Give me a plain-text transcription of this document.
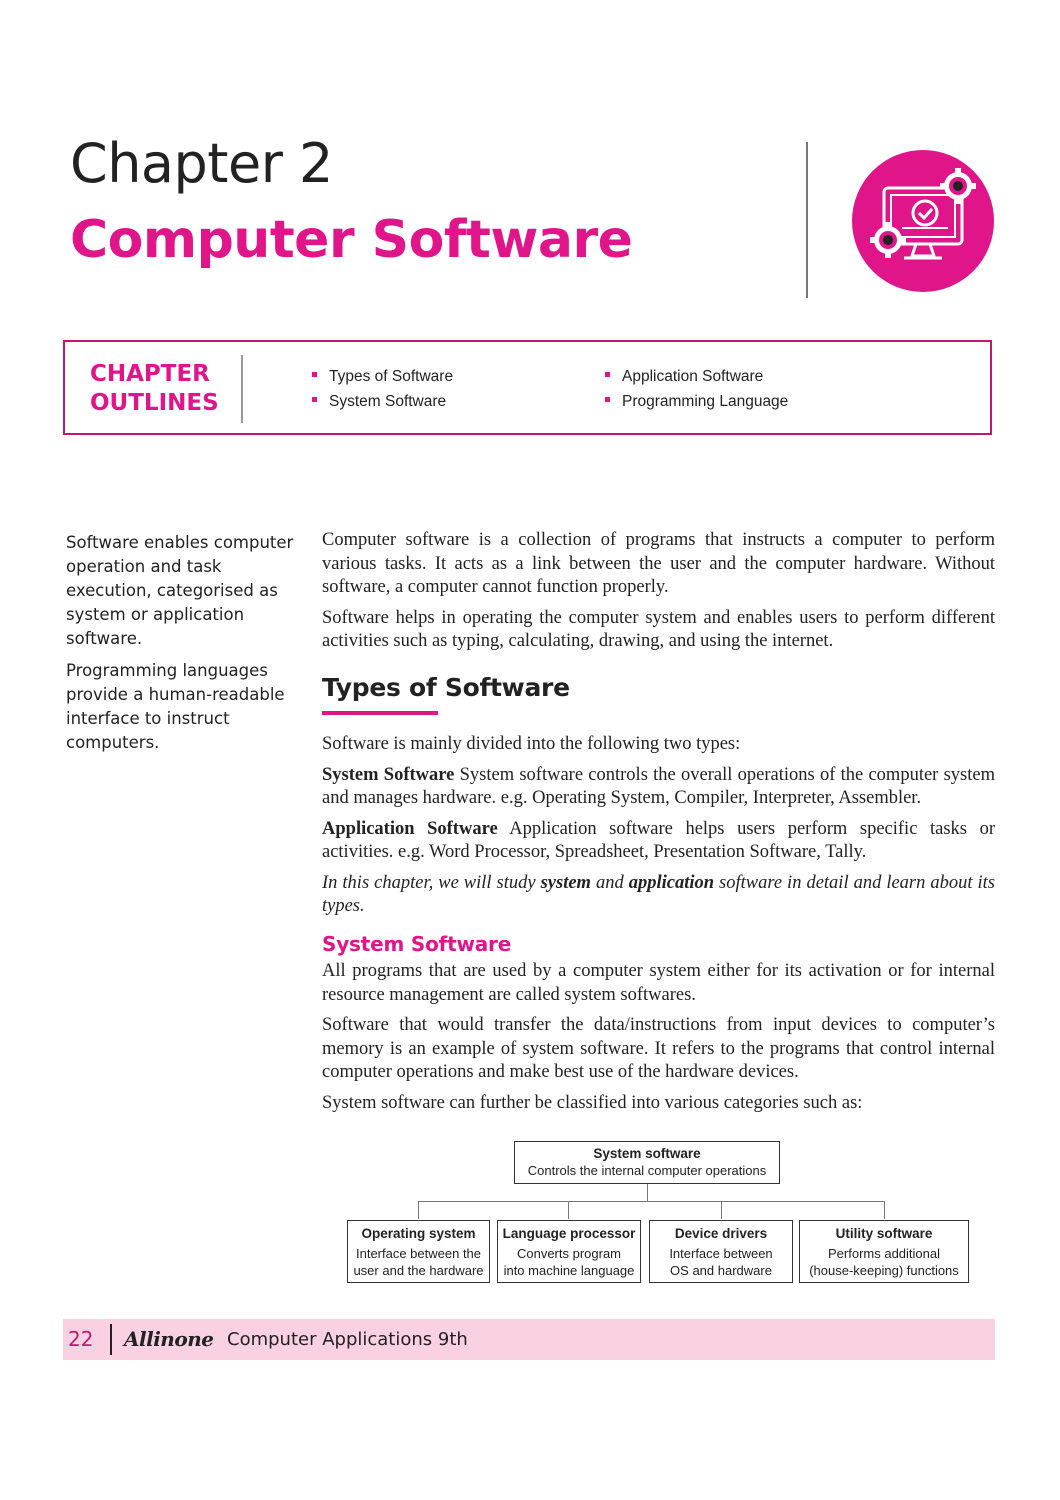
Chapter 2
Computer Software
CHAPTER
OUTLINES
Types of Software
System Software
Application Software
Programming Language

Software enables computer operation and task execution, categorised as system or application software.

Programming languages provide a human-readable interface to instruct computers.

Computer software is a collection of programs that instructs a computer to perform various tasks. It acts as a link between the user and the computer hardware. Without software, a computer cannot function properly.

Software helps in operating the computer system and enables users to perform different activities such as typing, calculating, drawing, and using the internet.

Types of Software

Software is mainly divided into the following two types:

System Software System software controls the overall operations of the computer system and manages hardware. e.g. Operating System, Compiler, Interpreter, Assembler.

Application Software Application software helps users perform specific tasks or activities. e.g. Word Processor, Spreadsheet, Presentation Software, Tally.

In this chapter, we will study system and application software in detail and learn about its types.

System Software

All programs that are used by a computer system either for its activation or for internal resource management are called system softwares.

Software that would transfer the data/instructions from input devices to computer’s memory is an example of system software. It refers to the programs that control internal computer operations and make best use of the hardware devices.

System software can further be classified into various categories such as:

System software
Controls the internal computer operations
Operating system
Interface between the
user and the hardware
Language processor
Converts program
into machine language
Device drivers
Interface between
OS and hardware
Utility software
Performs additional
(house-keeping) functions
22 Allinone Computer Applications 9th
